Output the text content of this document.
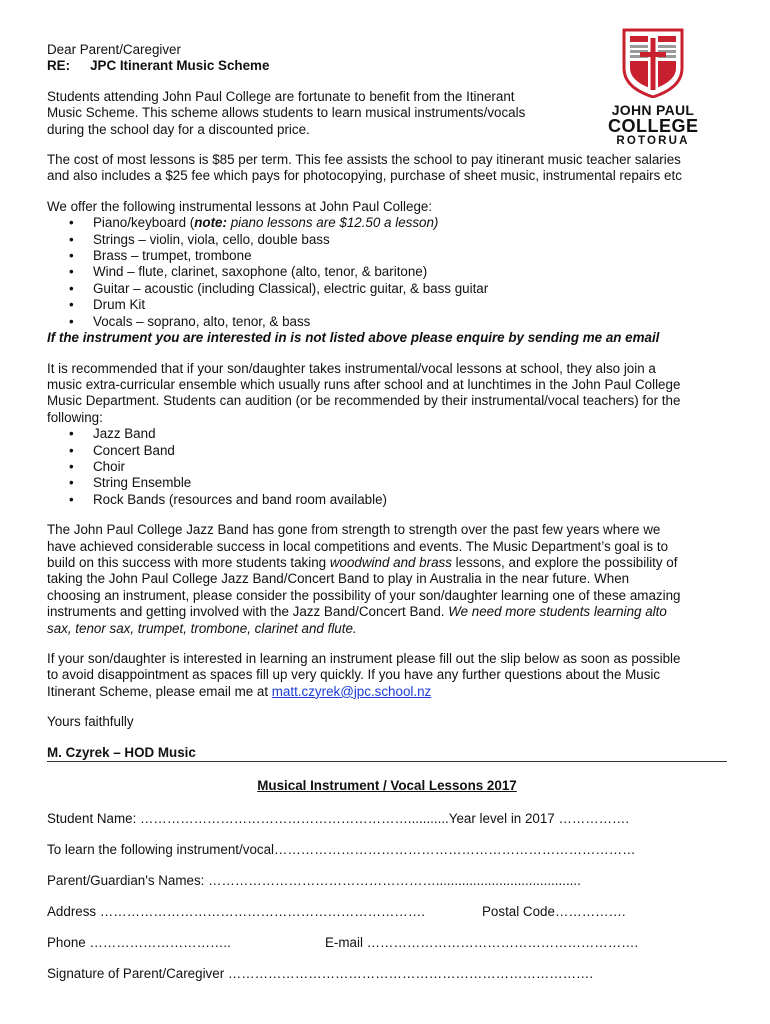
JOHN PAUL
COLLEGE
ROTORUA

Dear Parent/Caregiver

RE: JPC Itinerant Music Scheme

Students attending John Paul College are fortunate to benefit from the Itinerant

Music Scheme. This scheme allows students to learn musical instruments/vocals

during the school day for a discounted price.

The cost of most lessons is $85 per term. This fee assists the school to pay itinerant music teacher salaries

and also includes a $25 fee which pays for photocopying, purchase of sheet music, instrumental repairs etc

We offer the following instrumental lessons at John Paul College:

• Piano/keyboard (note: piano lessons are $12.50 a lesson)
• Strings – violin, viola, cello, double bass
• Brass – trumpet, trombone
• Wind – flute, clarinet, saxophone (alto, tenor, & baritone)
• Guitar – acoustic (including Classical), electric guitar, & bass guitar
• Drum Kit
• Vocals – soprano, alto, tenor, & bass

If the instrument you are interested in is not listed above please enquire by sending me an email

It is recommended that if your son/daughter takes instrumental/vocal lessons at school, they also join a

music extra-curricular ensemble which usually runs after school and at lunchtimes in the John Paul College

Music Department. Students can audition (or be recommended by their instrumental/vocal teachers) for the

following:

• Jazz Band
• Concert Band
• Choir
• String Ensemble
• Rock Bands (resources and band room available)

The John Paul College Jazz Band has gone from strength to strength over the past few years where we

have achieved considerable success in local competitions and events. The Music Department’s goal is to

build on this success with more students taking woodwind and brass lessons, and explore the possibility of

taking the John Paul College Jazz Band/Concert Band to play in Australia in the near future. When

choosing an instrument, please consider the possibility of your son/daughter learning one of these amazing

instruments and getting involved with the Jazz Band/Concert Band. We need more students learning alto

sax, tenor sax, trumpet, trombone, clarinet and flute.

If your son/daughter is interested in learning an instrument please fill out the slip below as soon as possible

to avoid disappointment as spaces fill up very quickly. If you have any further questions about the Music

Itinerant Scheme, please email me at matt.czyrek@jpc.school.nz

Yours faithfully

M. Czyrek – HOD Music

Musical Instrument / Vocal Lessons 2017

Student Name: ……………………………………………………...........Year level in 2017 …………….
To learn the following instrument/vocal………………………………………………………………………
Parent/Guardian's Names: …………………………………………….......................................
Address ……………………………………………………………….	Postal Code…………….
Phone …………………………..	E-mail …………………………………………………….
Signature of Parent/Caregiver ……………………………………………………………………….
